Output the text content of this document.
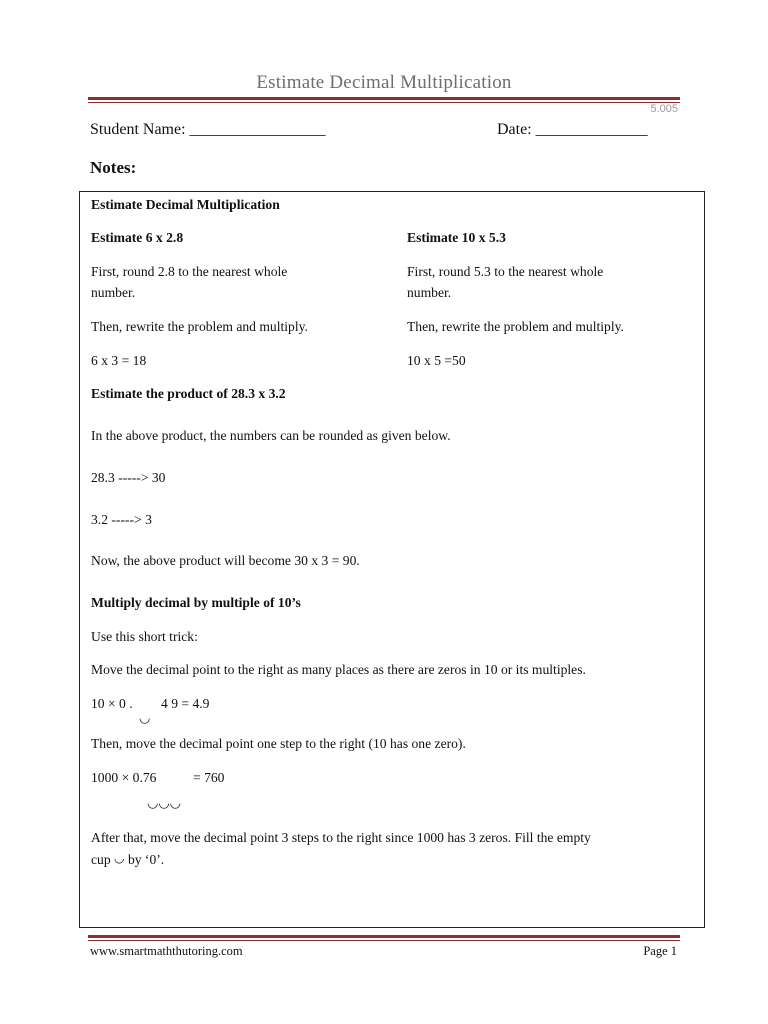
Estimate Decimal Multiplication
5.005
Student Name: _________________	Date: ______________
Notes:
Estimate Decimal Multiplication
Estimate 6 x 2.8
First, round 2.8 to the nearest whole
number.
Then, rewrite the problem and multiply.
6 x 3 = 18
Estimate 10 x 5.3
First, round 5.3 to the nearest whole
number.
Then, rewrite the problem and multiply.
10 x 5 =50
Estimate the product of 28.3 x 3.2
In the above product, the numbers can be rounded as given below.
28.3 -----> 30
3.2 -----> 3
Now, the above product will become 30 x 3 = 90.
Multiply decimal by multiple of 10’s
Use this short trick:
Move the decimal point to the right as many places as there are zeros in 10 or its multiples.
10 × 0 . 4 9 = 4.9
◡
Then, move the decimal point one step to the right (10 has one zero).
1000 × 0.76	= 760
◡◡◡
After that, move the decimal point 3 steps to the right since 1000 has 3 zeros. Fill the empty
cup ◡ by ‘0’.
www.smartmaththutoring.com	Page 1
